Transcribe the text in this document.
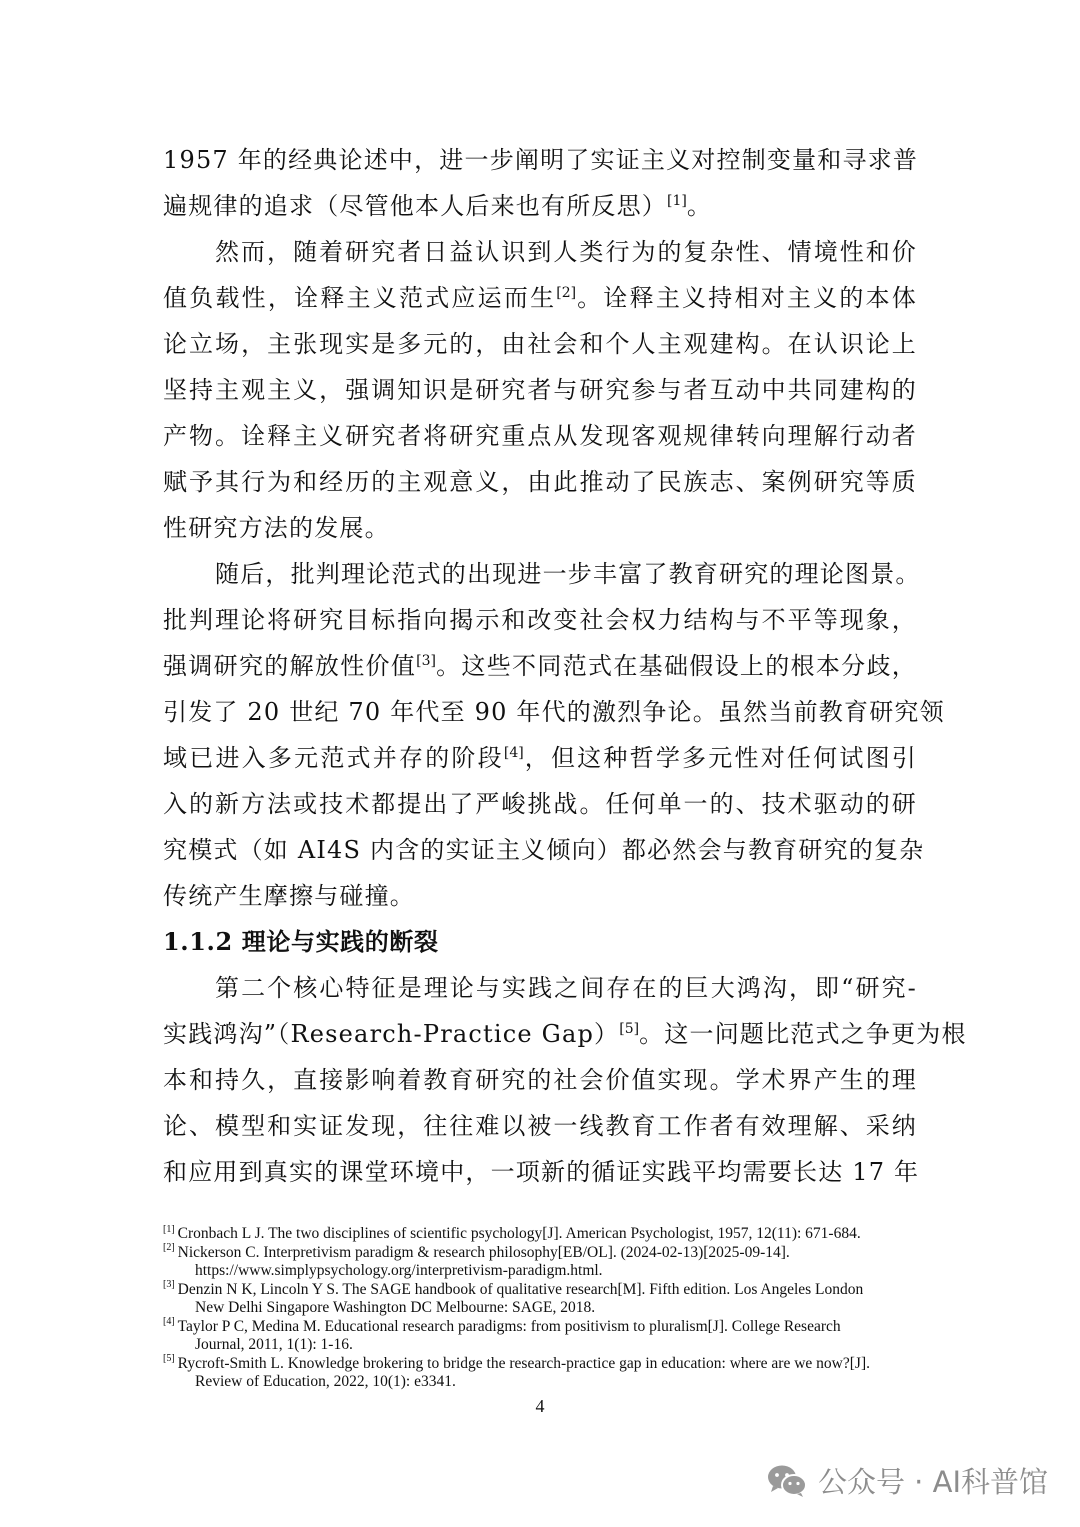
1957 年的经典论述中，进一步阐明了实证主义对控制变量和寻求普
遍规律的追求（尽管他本人后来也有所反思）[1]。
然而，随着研究者日益认识到人类行为的复杂性、情境性和价
值负载性，诠释主义范式应运而生[2]。诠释主义持相对主义的本体
论立场，主张现实是多元的，由社会和个人主观建构。在认识论上
坚持主观主义，强调知识是研究者与研究参与者互动中共同建构的
产物。诠释主义研究者将研究重点从发现客观规律转向理解行动者
赋予其行为和经历的主观意义，由此推动了民族志、案例研究等质
性研究方法的发展。
随后，批判理论范式的出现进一步丰富了教育研究的理论图景。
批判理论将研究目标指向揭示和改变社会权力结构与不平等现象，
强调研究的解放性价值[3]。这些不同范式在基础假设上的根本分歧，
引发了 20 世纪 70 年代至 90 年代的激烈争论。虽然当前教育研究领
域已进入多元范式并存的阶段[4]，但这种哲学多元性对任何试图引
入的新方法或技术都提出了严峻挑战。任何单一的、技术驱动的研
究模式（如 AI4S 内含的实证主义倾向）都必然会与教育研究的复杂
传统产生摩擦与碰撞。
1.1.2 理论与实践的断裂
第二个核心特征是理论与实践之间存在的巨大鸿沟，即“研究-
实践鸿沟”（Research-Practice Gap）[5]。这一问题比范式之争更为根
本和持久，直接影响着教育研究的社会价值实现。学术界产生的理
论、模型和实证发现，往往难以被一线教育工作者有效理解、采纳
和应用到真实的课堂环境中，一项新的循证实践平均需要长达 17 年
[1] Cronbach L J. The two disciplines of scientific psychology[J]. American Psychologist, 1957, 12(11): 671-684.
[2] Nickerson C. Interpretivism paradigm & research philosophy[EB/OL]. (2024-02-13)[2025-09-14].
https://www.simplypsychology.org/interpretivism-paradigm.html.
[3] Denzin N K, Lincoln Y S. The SAGE handbook of qualitative research[M]. Fifth edition. Los Angeles London
New Delhi Singapore Washington DC Melbourne: SAGE, 2018.
[4] Taylor P C, Medina M. Educational research paradigms: from positivism to pluralism[J]. College Research
Journal, 2011, 1(1): 1-16.
[5] Rycroft-Smith L. Knowledge brokering to bridge the research-practice gap in education: where are we now?[J].
Review of Education, 2022, 10(1): e3341.
4
公众号 · AI科普馆
